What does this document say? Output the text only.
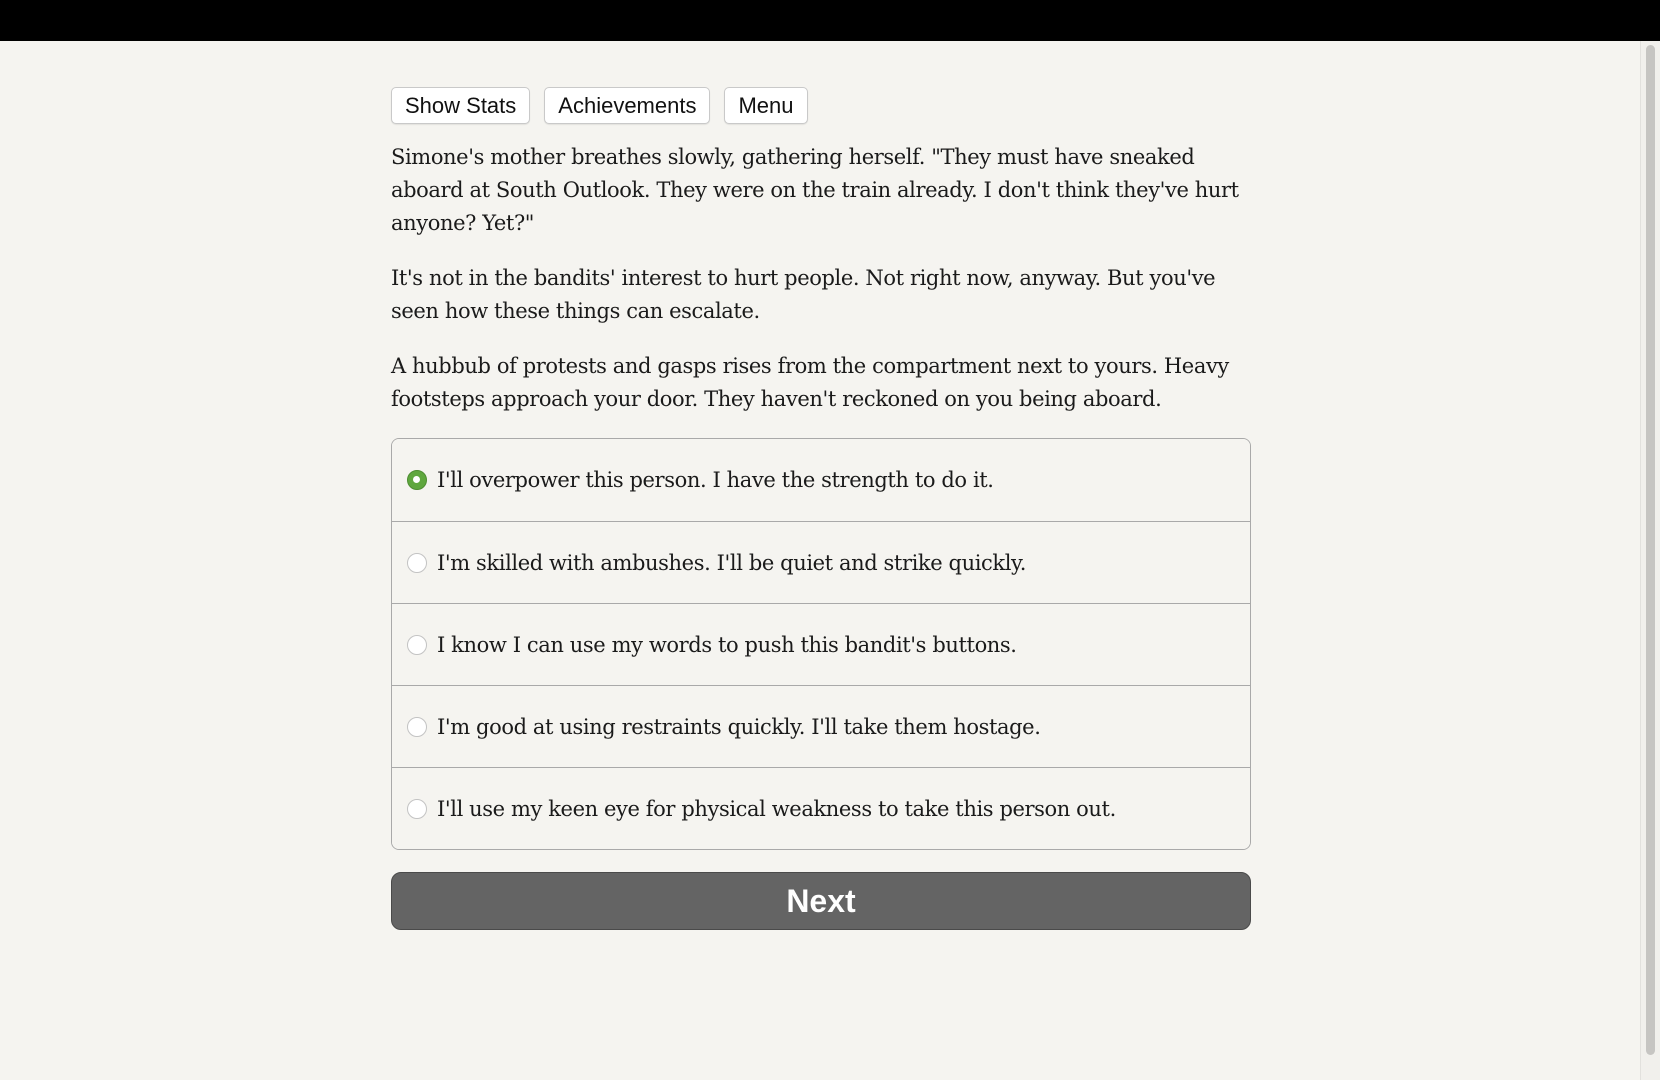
Show Stats	Achievements	Menu

Simone's mother breathes slowly, gathering herself. "They must have sneaked aboard at South Outlook. They were on the train already. I don't think they've hurt anyone? Yet?"

It's not in the bandits' interest to hurt people. Not right now, anyway. But you've seen how these things can escalate.

A hubbub of protests and gasps rises from the compartment next to yours. Heavy footsteps approach your door. They haven't reckoned on you being aboard.

I'll overpower this person. I have the strength to do it.
I'm skilled with ambushes. I'll be quiet and strike quickly.
I know I can use my words to push this bandit's buttons.
I'm good at using restraints quickly. I'll take them hostage.
I'll use my keen eye for physical weakness to take this person out.
Next
